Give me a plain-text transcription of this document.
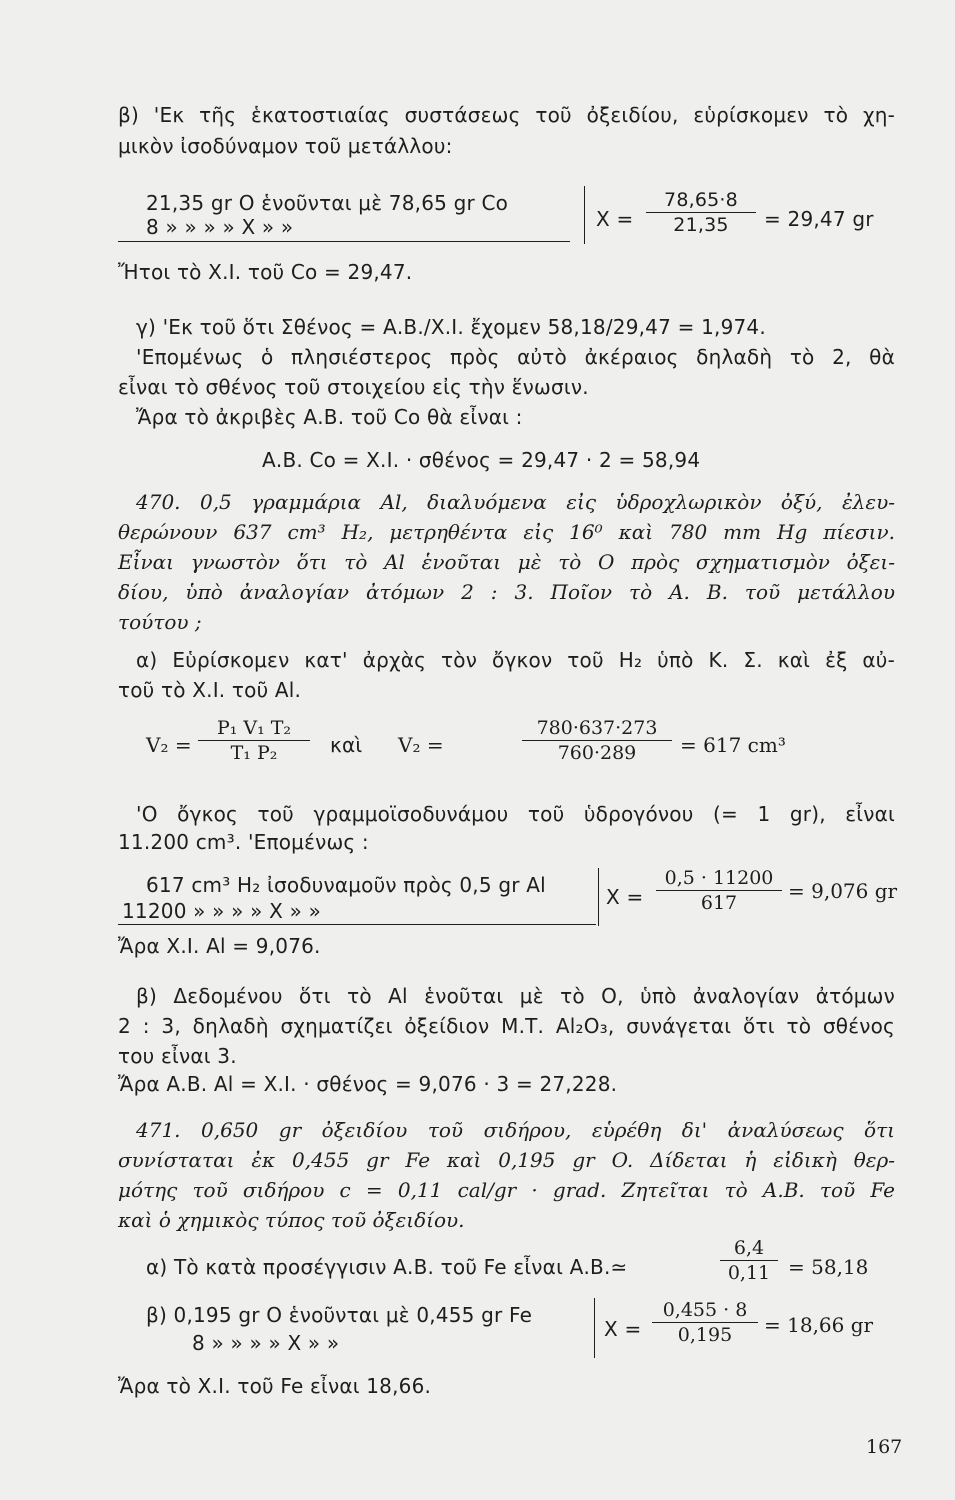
β) 'Εκ τῆς ἑκατοστιαίας συστάσεως τοῦ ὀξειδίου, εὑρίσκομεν τὸ χη-
μικὸν ἰσοδύναμον τοῦ μετάλλου:
21,35 gr O ἑνοῦνται μὲ 78,65 gr Co
8 » » » » X » »	$X = \frac{78,65\cdot 8}{21,35} = 29,47$ gr
Ἤτοι τὸ Χ.Ι. τοῦ Co = 29,47.
γ) 'Εκ τοῦ ὅτι Σθένος = Α.Β./Χ.Ι. ἔχομεν 58,18/29,47 = 1,974.
'Επομένως ὁ πλησιέστερος πρὸς αὐτὸ ἀκέραιος δηλαδὴ τὸ 2, θὰ
εἶναι τὸ σθένος τοῦ στοιχείου εἰς τὴν ἕνωσιν.
Ἄρα τὸ ἀκριβὲς Α.Β. τοῦ Co θὰ εἶναι :
Α.Β. Co = Χ.Ι. · σθένος = 29,47 · 2 = 58,94
470. 0,5 γραμμάρια Al, διαλυόμενα εἰς ὑδροχλωρικὸν ὀξύ, ἐλευ-
θερώνουν 637 cm³ H₂, μετρηθέντα εἰς 16⁰ καὶ 780 mm Hg πίεσιν.
Εἶναι γνωστὸν ὅτι τὸ Al ἑνοῦται μὲ τὸ O πρὸς σχηματισμὸν ὀξει-
δίου, ὑπὸ ἀναλογίαν ἀτόμων 2 : 3. Ποῖον τὸ Α. Β. τοῦ μετάλλου
τούτου ;
α) Εὑρίσκομεν κατ' ἀρχὰς τὸν ὄγκον τοῦ H₂ ὑπὸ Κ. Σ. καὶ ἐξ αὐ-
τοῦ τὸ Χ.Ι. τοῦ Al.
$V_2 = \frac{\text{P₁ V₁ T₂}}{\text{T₁ P₂}}$ καὶ V₂ =	$\frac{780\cdot 637\cdot 273}{760\cdot 289} = 617$ cm³
'Ο ὄγκος τοῦ γραμμοϊσοδυνάμου τοῦ ὑδρογόνου (= 1 gr), εἶναι
11.200 cm³. 'Επομένως :
617 cm³ H₂ ἰσοδυναμοῦν πρὸς 0,5 gr Al
11200 » » » » X » »
$X = \frac{0,5 \cdot 11200}{617} = 9,076$ gr
Ἄρα Χ.Ι. Al = 9,076.
β) Δεδομένου ὅτι τὸ Al ἑνοῦται μὲ τὸ O, ὑπὸ ἀναλογίαν ἀτόμων
2 : 3, δηλαδὴ σχηματίζει ὀξείδιον Μ.Τ. Al₂O₃, συνάγεται ὅτι τὸ σθένος
του εἶναι 3.
Ἄρα Α.Β. Al = Χ.Ι. · σθένος = 9,076 · 3 = 27,228.
471. 0,650 gr ὀξειδίου τοῦ σιδήρου, εὑρέθη δι' ἀναλύσεως ὅτι
συνίσταται ἐκ 0,455 gr Fe καὶ 0,195 gr O. Δίδεται ἡ εἰδικὴ θερ-
μότης τοῦ σιδήρου c = 0,11 cal/gr · grad. Ζητεῖται τὸ Α.Β. τοῦ Fe
καὶ ὁ χημικὸς τύπος τοῦ ὀξειδίου.
α) Τὸ κατὰ προσέγγισιν Α.Β. τοῦ Fe εἶναι Α.Β.≃	$\frac{6,4}{0,11} = 58,18$
β) 0,195 gr O ἑνοῦνται μὲ 0,455 gr Fe
8 » » » » X » »
$X = \frac{0,455 \cdot 8}{0,195} = 18,66$ gr
Ἄρα τὸ Χ.Ι. τοῦ Fe εἶναι 18,66.
167
